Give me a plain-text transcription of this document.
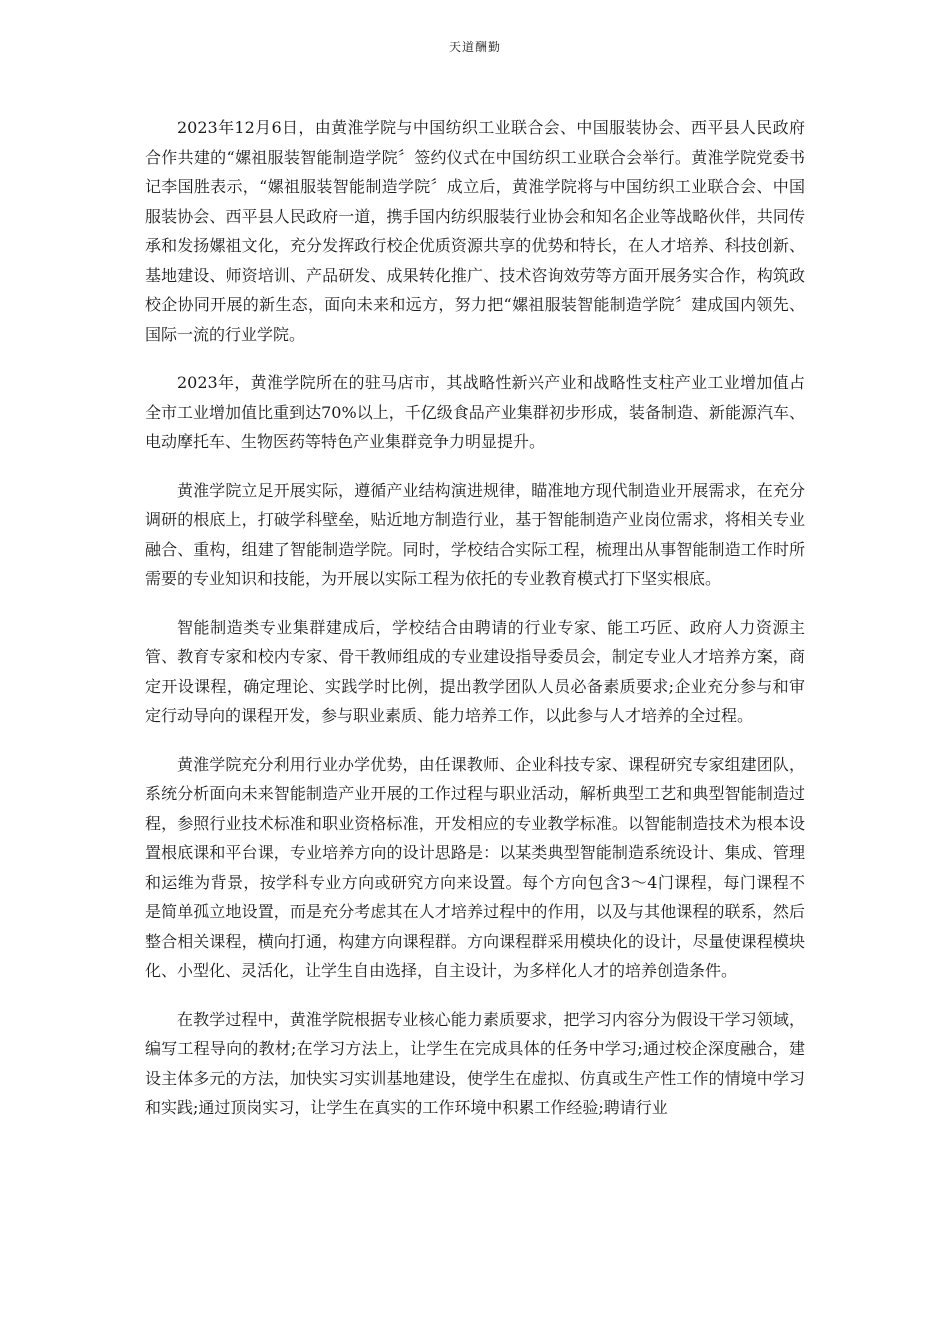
天道酬勤

2023年12月6日，由黄淮学院与中国纺织工业联合会、中国服装协会、西平县人民政府合作共建的“嫘祖服装智能制造学院〞签约仪式在中国纺织工业联合会举行。黄淮学院党委书记李国胜表示，“嫘祖服装智能制造学院〞成立后，黄淮学院将与中国纺织工业联合会、中国服装协会、西平县人民政府一道，携手国内纺织服装行业协会和知名企业等战略伙伴，共同传承和发扬嫘祖文化，充分发挥政行校企优质资源共享的优势和特长，在人才培养、科技创新、基地建设、师资培训、产品研发、成果转化推广、技术咨询效劳等方面开展务实合作，构筑政校企协同开展的新生态，面向未来和远方，努力把“嫘祖服装智能制造学院〞建成国内领先、国际一流的行业学院。

2023年，黄淮学院所在的驻马店市，其战略性新兴产业和战略性支柱产业工业增加值占全市工业增加值比重到达70%以上，千亿级食品产业集群初步形成，装备制造、新能源汽车、电动摩托车、生物医药等特色产业集群竞争力明显提升。

黄淮学院立足开展实际，遵循产业结构演进规律，瞄准地方现代制造业开展需求，在充分调研的根底上，打破学科壁垒，贴近地方制造行业，基于智能制造产业岗位需求，将相关专业融合、重构，组建了智能制造学院。同时，学校结合实际工程，梳理出从事智能制造工作时所需要的专业知识和技能，为开展以实际工程为依托的专业教育模式打下坚实根底。

智能制造类专业集群建成后，学校结合由聘请的行业专家、能工巧匠、政府人力资源主管、教育专家和校内专家、骨干教师组成的专业建设指导委员会，制定专业人才培养方案，商定开设课程，确定理论、实践学时比例，提出教学团队人员必备素质要求;企业充分参与和审定行动导向的课程开发，参与职业素质、能力培养工作，以此参与人才培养的全过程。

黄淮学院充分利用行业办学优势，由任课教师、企业科技专家、课程研究专家组建团队，系统分析面向未来智能制造产业开展的工作过程与职业活动，解析典型工艺和典型智能制造过程，参照行业技术标准和职业资格标准，开发相应的专业教学标准。以智能制造技术为根本设置根底课和平台课，专业培养方向的设计思路是：以某类典型智能制造系统设计、集成、管理和运维为背景，按学科专业方向或研究方向来设置。每个方向包含3～4门课程，每门课程不是简单孤立地设置，而是充分考虑其在人才培养过程中的作用，以及与其他课程的联系，然后整合相关课程，横向打通，构建方向课程群。方向课程群采用模块化的设计，尽量使课程模块化、小型化、灵活化，让学生自由选择，自主设计，为多样化人才的培养创造条件。

在教学过程中，黄淮学院根据专业核心能力素质要求，把学习内容分为假设干学习领域，编写工程导向的教材;在学习方法上，让学生在完成具体的任务中学习;通过校企深度融合，建设主体多元的方法，加快实习实训基地建设，使学生在虚拟、仿真或生产性工作的情境中学习和实践;通过顶岗实习，让学生在真实的工作环境中积累工作经验;聘请行业
